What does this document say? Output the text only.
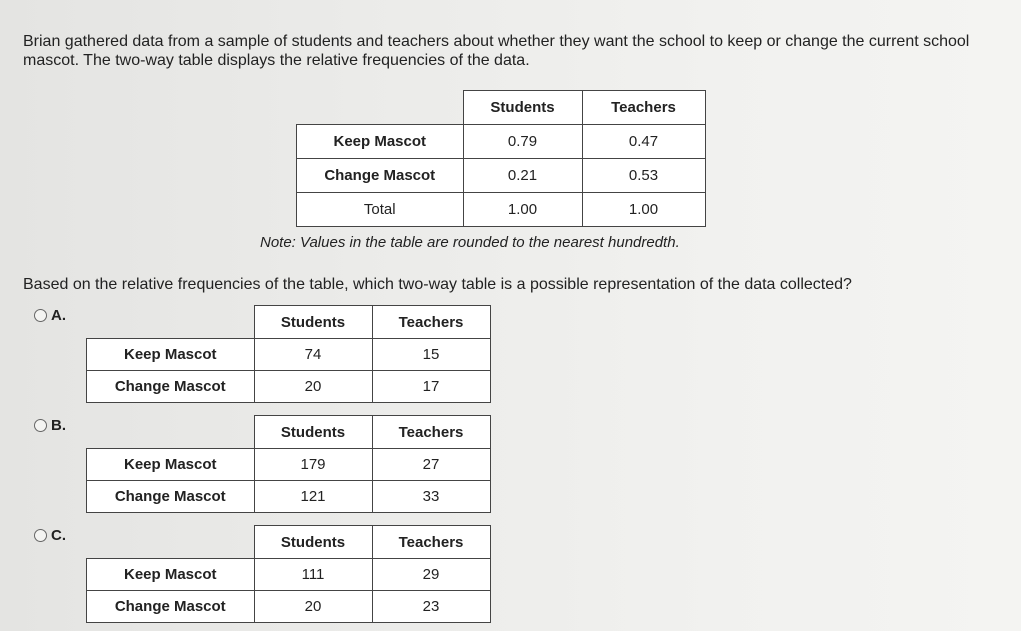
Brian gathered data from a sample of students and teachers about whether they want the school to keep or change the current school mascot. The two-way table displays the relative frequencies of the data.

	Students	Teachers
Keep Mascot	0.79	0.47
Change Mascot	0.21	0.53
Total	1.00	1.00

Note: Values in the table are rounded to the nearest hundredth.

Based on the relative frequencies of the table, which two-way table is a possible representation of the data collected?

A.
		Students	Teachers
Keep Mascot	74	15
Change Mascot	20	17
B.
		Students	Teachers
Keep Mascot	179	27
Change Mascot	121	33
C.
		Students	Teachers
Keep Mascot	111	29
Change Mascot	20	23
